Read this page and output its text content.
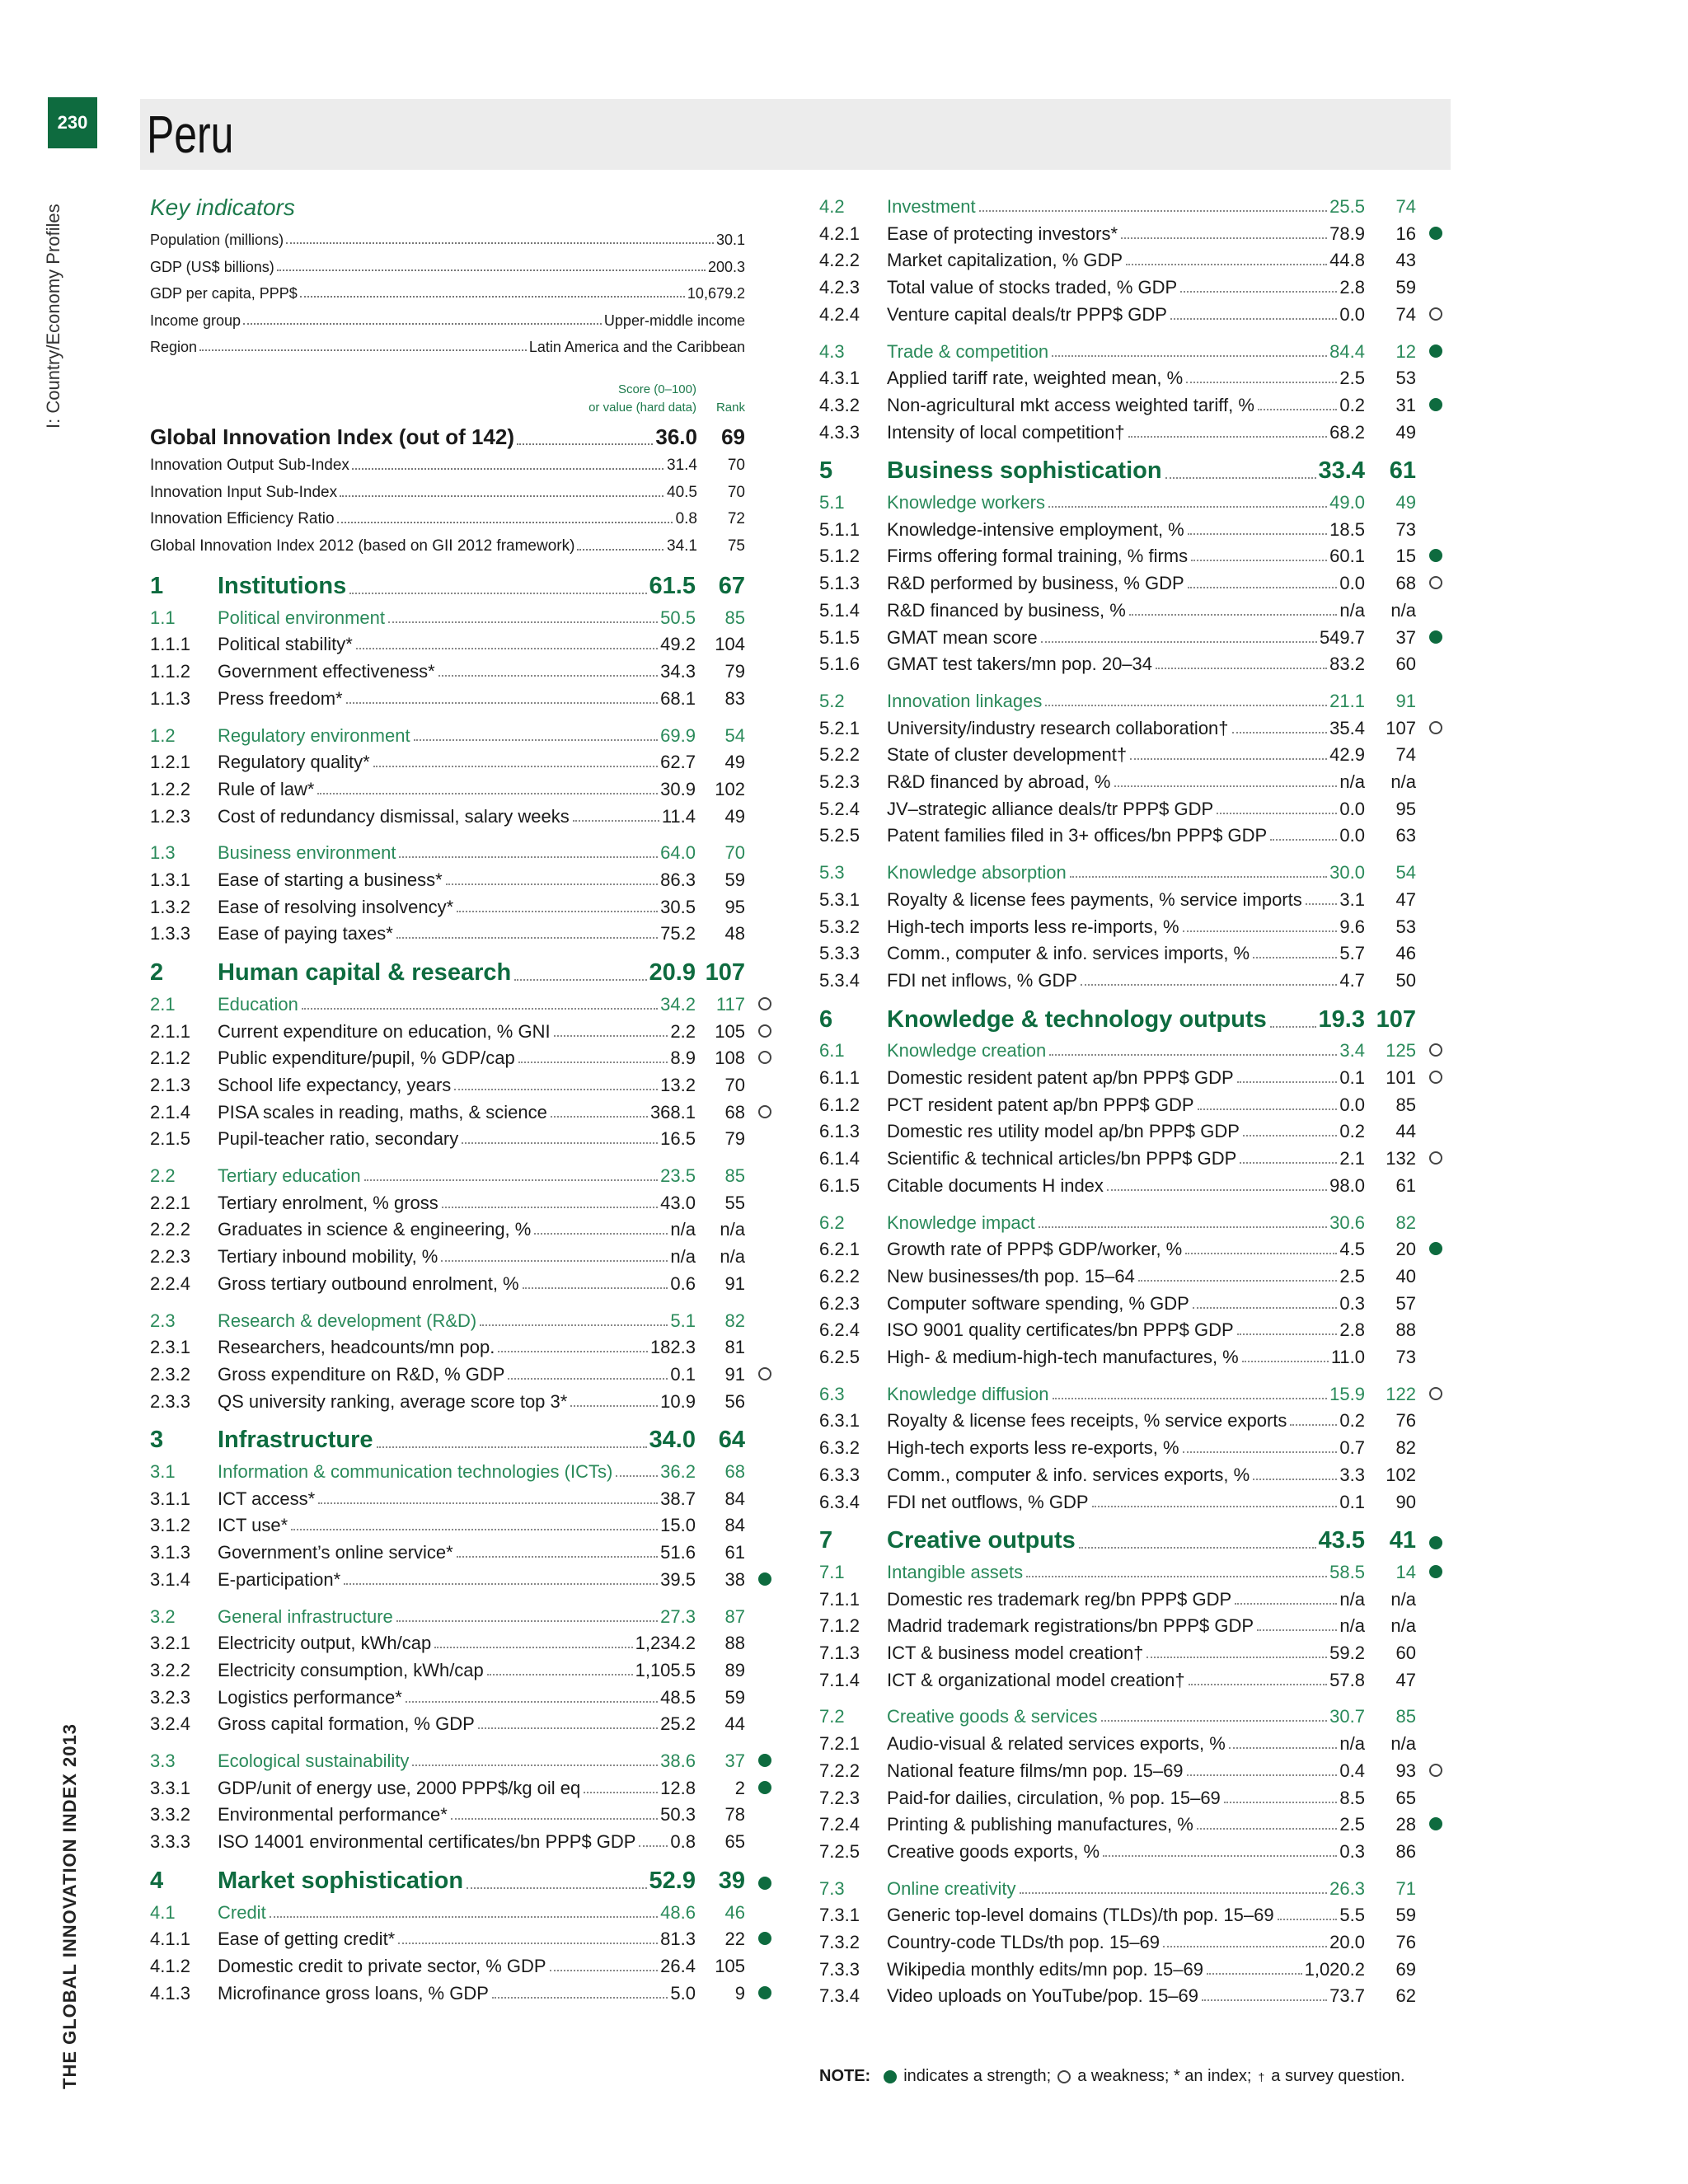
230
I: Country/Economy Profiles
THE GLOBAL INNOVATION INDEX 2013
Peru
Key indicators
Population (millions)	30.1
GDP (US$ billions)	200.3
GDP per capita, PPP$	10,679.2
Income group	Upper-middle income
Region	Latin America and the Caribbean
Score (0–100)
or value (hard data)	Rank
Global Innovation Index (out of 142)	36.0	69
Innovation Output Sub-Index	31.4	70
Innovation Input Sub-Index	40.5	70
Innovation Efficiency Ratio	0.8	72
Global Innovation Index 2012 (based on GII 2012 framework)	34.1	75
1 Institutions	61.5 67
1.1 Political environment	50.5	85
1.1.1 Political stability*	49.2	104
1.1.2 Government effectiveness*	34.3	79
1.1.3 Press freedom*	68.1	83
1.2 Regulatory environment	69.9	54
1.2.1 Regulatory quality*	62.7	49
1.2.2 Rule of law*	30.9	102
1.2.3 Cost of redundancy dismissal, salary weeks	11.4	49
1.3 Business environment	64.0	70
1.3.1 Ease of starting a business*	86.3	59
1.3.2 Ease of resolving insolvency*	30.5	95
1.3.3 Ease of paying taxes*	75.2	48
2 Human capital & research	20.9 107
2.1 Education	34.2	117
2.1.1 Current expenditure on education, % GNI	2.2	105
2.1.2 Public expenditure/pupil, % GDP/cap	8.9	108
2.1.3 School life expectancy, years	13.2	70
2.1.4 PISA scales in reading, maths, & science	368.1	68
2.1.5 Pupil-teacher ratio, secondary	16.5	79
2.2 Tertiary education	23.5	85
2.2.1 Tertiary enrolment, % gross	43.0	55
2.2.2 Graduates in science & engineering, %	n/a	n/a
2.2.3 Tertiary inbound mobility, %	n/a	n/a
2.2.4 Gross tertiary outbound enrolment, %	0.6	91
2.3 Research & development (R&D)	5.1	82
2.3.1 Researchers, headcounts/mn pop.	182.3	81
2.3.2 Gross expenditure on R&D, % GDP	0.1	91
2.3.3 QS university ranking, average score top 3*	10.9	56
3 Infrastructure	34.0 64
3.1 Information & communication technologies (ICTs)	36.2	68
3.1.1 ICT access*	38.7	84
3.1.2 ICT use*	15.0	84
3.1.3 Government’s online service*	51.6	61
3.1.4 E-participation*	39.5	38
3.2 General infrastructure	27.3	87
3.2.1 Electricity output, kWh/cap	1,234.2	88
3.2.2 Electricity consumption, kWh/cap	1,105.5	89
3.2.3 Logistics performance*	48.5	59
3.2.4 Gross capital formation, % GDP	25.2	44
3.3 Ecological sustainability	38.6	37
3.3.1 GDP/unit of energy use, 2000 PPP$/kg oil eq	12.8	2
3.3.2 Environmental performance*	50.3	78
3.3.3 ISO 14001 environmental certificates/bn PPP$ GDP 0.8	65
4 Market sophistication	52.9 39
4.1 Credit	48.6	46
4.1.1 Ease of getting credit*	81.3	22
4.1.2 Domestic credit to private sector, % GDP	26.4	105
4.1.3 Microfinance gross loans, % GDP	5.0	9
4.2 Investment	25.5	74
4.2.1 Ease of protecting investors*	78.9	16
4.2.2 Market capitalization, % GDP	44.8	43
4.2.3 Total value of stocks traded, % GDP	2.8	59
4.2.4 Venture capital deals/tr PPP$ GDP	0.0	74
4.3 Trade & competition	84.4	12
4.3.1 Applied tariff rate, weighted mean, %	2.5	53
4.3.2 Non-agricultural mkt access weighted tariff, %	0.2	31
4.3.3 Intensity of local competition†	68.2	49
5 Business sophistication	33.4	61
5.1 Knowledge workers	49.0	49
5.1.1 Knowledge-intensive employment, %	18.5	73
5.1.2 Firms offering formal training, % firms	60.1	15
5.1.3 R&D performed by business, % GDP	0.0	68
5.1.4 R&D financed by business, %	n/a	n/a
5.1.5 GMAT mean score	549.7	37
5.1.6 GMAT test takers/mn pop. 20–34	83.2	60
5.2 Innovation linkages	21.1	91
5.2.1 University/industry research collaboration†	35.4	107
5.2.2 State of cluster development†	42.9	74
5.2.3 R&D financed by abroad, %	n/a	n/a
5.2.4 JV–strategic alliance deals/tr PPP$ GDP	0.0	95
5.2.5 Patent families filed in 3+ offices/bn PPP$ GDP	0.0	63
5.3 Knowledge absorption	30.0	54
5.3.1 Royalty & license fees payments, % service imports 3.1	47
5.3.2 High-tech imports less re-imports, %	9.6	53
5.3.3 Comm., computer & info. services imports, %	5.7	46
5.3.4 FDI net inflows, % GDP	4.7	50
6 Knowledge & technology outputs 19.3 107
6.1 Knowledge creation	3.4	125
6.1.1 Domestic resident patent ap/bn PPP$ GDP	0.1	101
6.1.2 PCT resident patent ap/bn PPP$ GDP	0.0	85
6.1.3 Domestic res utility model ap/bn PPP$ GDP	0.2	44
6.1.4 Scientific & technical articles/bn PPP$ GDP	2.1	132
6.1.5 Citable documents H index	98.0	61
6.2 Knowledge impact	30.6	82
6.2.1 Growth rate of PPP$ GDP/worker, %	4.5	20
6.2.2 New businesses/th pop. 15–64	2.5	40
6.2.3 Computer software spending, % GDP	0.3	57
6.2.4 ISO 9001 quality certificates/bn PPP$ GDP	2.8	88
6.2.5 High- & medium-high-tech manufactures, %	11.0	73
6.3 Knowledge diffusion	15.9	122
6.3.1 Royalty & license fees receipts, % service exports	0.2	76
6.3.2 High-tech exports less re-exports, %	0.7	82
6.3.3 Comm., computer & info. services exports, %	3.3	102
6.3.4 FDI net outflows, % GDP	0.1	90
7 Creative outputs	43.5	41
7.1 Intangible assets	58.5	14
7.1.1 Domestic res trademark reg/bn PPP$ GDP	n/a	n/a
7.1.2 Madrid trademark registrations/bn PPP$ GDP	n/a	n/a
7.1.3 ICT & business model creation†	59.2	60
7.1.4 ICT & organizational model creation†	57.8	47
7.2 Creative goods & services	30.7	85
7.2.1 Audio-visual & related services exports, %	n/a	n/a
7.2.2 National feature films/mn pop. 15–69	0.4	93
7.2.3 Paid-for dailies, circulation, % pop. 15–69	8.5	65
7.2.4 Printing & publishing manufactures, %	2.5	28
7.2.5 Creative goods exports, %	0.3	86
7.3 Online creativity	26.3	71
7.3.1 Generic top-level domains (TLDs)/th pop. 15–69	5.5	59
7.3.2 Country-code TLDs/th pop. 15–69	20.0	76
7.3.3 Wikipedia monthly edits/mn pop. 15–69	1,020.2	69
7.3.4 Video uploads on YouTube/pop. 15–69	73.7	62
NOTE: indicates a strength; a weakness; * an index; † a survey question.
